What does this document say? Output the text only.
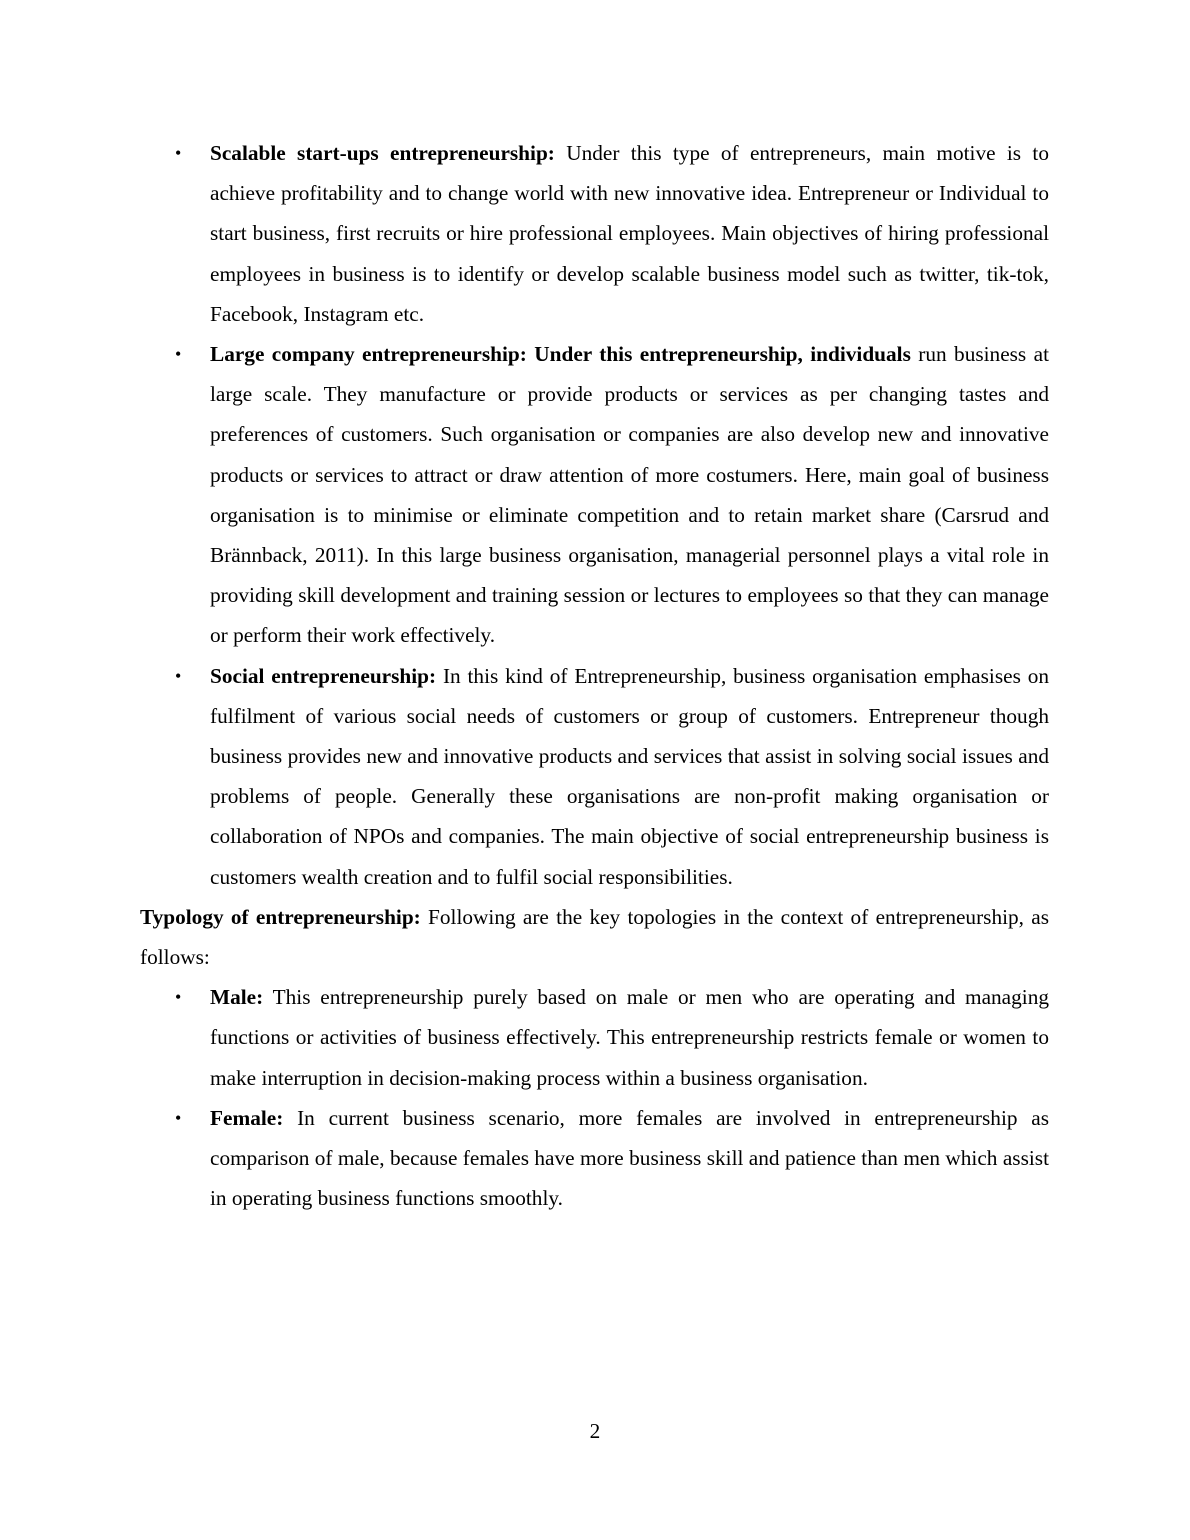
•	Scalable start-ups entrepreneurship: Under this type of entrepreneurs, main motive is to achieve profitability and to change world with new innovative idea. Entrepreneur or Individual to start business, first recruits or hire professional employees. Main objectives of hiring professional employees in business is to identify or develop scalable business model such as twitter, tik-tok, Facebook, Instagram etc.
•	Large company entrepreneurship: Under this entrepreneurship, individuals run business at large scale. They manufacture or provide products or services as per changing tastes and preferences of customers. Such organisation or companies are also develop new and innovative products or services to attract or draw attention of more costumers. Here, main goal of business organisation is to minimise or eliminate competition and to retain market share (Carsrud and Brännback, 2011). In this large business organisation, managerial personnel plays a vital role in providing skill development and training session or lectures to employees so that they can manage or perform their work effectively.
•	Social entrepreneurship: In this kind of Entrepreneurship, business organisation emphasises on fulfilment of various social needs of customers or group of customers. Entrepreneur though business provides new and innovative products and services that assist in solving social issues and problems of people. Generally these organisations are non-profit making organisation or collaboration of NPOs and companies. The main objective of social entrepreneurship business is customers wealth creation and to fulfil social responsibilities.

Typology of entrepreneurship: Following are the key topologies in the context of entrepreneurship, as follows:

•	Male: This entrepreneurship purely based on male or men who are operating and managing functions or activities of business effectively. This entrepreneurship restricts female or women to make interruption in decision-making process within a business organisation.
•	Female: In current business scenario, more females are involved in entrepreneurship as comparison of male, because females have more business skill and patience than men which assist in operating business functions smoothly.
2
